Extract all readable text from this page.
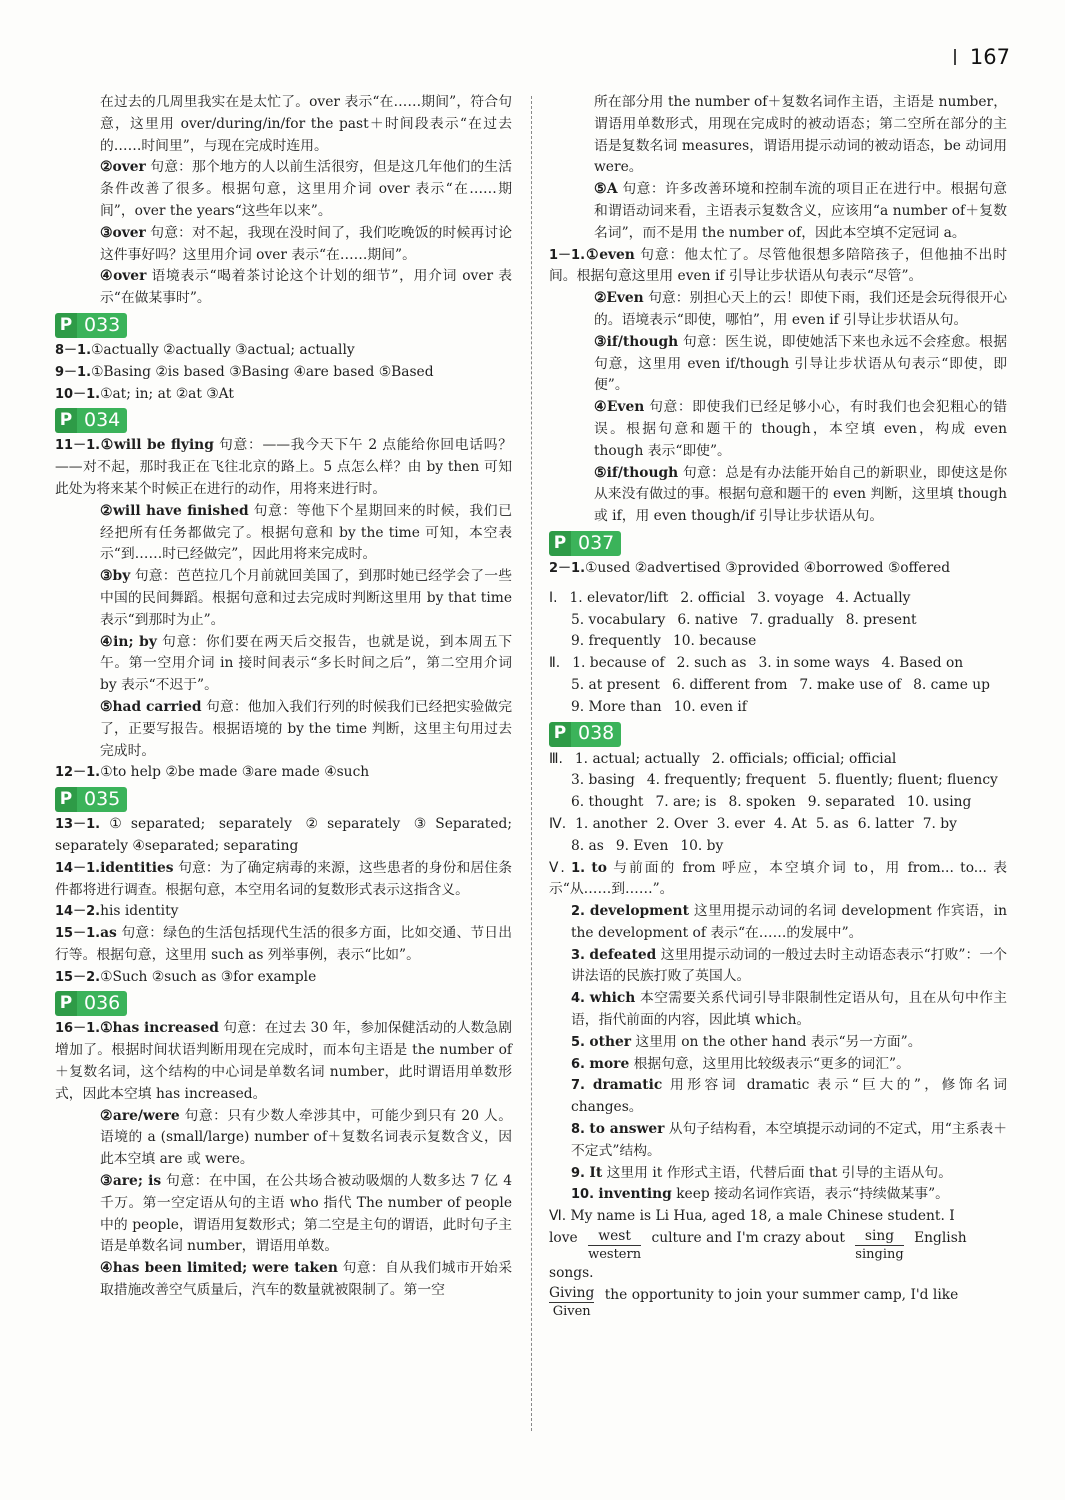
167

在过去的几周里我实在是太忙了。over 表示“在……期间”，符合句意，这里用 over/during/in/for the past＋时间段表示“在过去的……时间里”，与现在完成时连用。

②over 句意：那个地方的人以前生活很穷，但是这几年他们的生活条件改善了很多。根据句意，这里用介词 over 表示“在……期间”，over the years“这些年以来”。

③over 句意：对不起，我现在没时间了，我们吃晚饭的时候再讨论这件事好吗？这里用介词 over 表示“在……期间”。

④over 语境表示“喝着茶讨论这个计划的细节”，用介词 over 表示“在做某事时”。

P 033

8－1.①actually ②actually ③actual; actually

9－1.①Basing ②is based ③Basing ④are based ⑤Based

10－1.①at; in; at ②at ③At

P 034

11－1.①will be flying 句意：——我今天下午 2 点能给你回电话吗？——对不起，那时我正在飞往北京的路上。5 点怎么样？由 by then 可知此处为将来某个时候正在进行的动作，用将来进行时。

②will have finished 句意：等他下个星期回来的时候，我们已经把所有任务都做完了。根据句意和 by the time 可知，本空表示“到……时已经做完”，因此用将来完成时。

③by 句意：芭芭拉几个月前就回美国了，到那时她已经学会了一些中国的民间舞蹈。根据句意和过去完成时判断这里用 by that time 表示“到那时为止”。

④in; by 句意：你们要在两天后交报告，也就是说，到本周五下午。第一空用介词 in 接时间表示“多长时间之后”，第二空用介词 by 表示“不迟于”。

⑤had carried 句意：他加入我们行列的时候我们已经把实验做完了，正要写报告。根据语境的 by the time 判断，这里主句用过去完成时。

12－1.①to help ②be made ③are made ④such

P 035

13－1.①separated; separately ②separately ③Separated; separately ④separated; separating

14－1.identities 句意：为了确定病毒的来源，这些患者的身份和居住条件都将进行调查。根据句意，本空用名词的复数形式表示这指含义。

14－2.his identity

15－1.as 句意：绿色的生活包括现代生活的很多方面，比如交通、节日出行等。根据句意，这里用 such as 列举事例，表示“比如”。

15－2.①Such ②such as ③for example

P 036

16－1.①has increased 句意：在过去 30 年，参加保健活动的人数急剧增加了。根据时间状语判断用现在完成时，而本句主语是 the number of＋复数名词，这个结构的中心词是单数名词 number，此时谓语用单数形式，因此本空填 has increased。

②are/were 句意：只有少数人牵涉其中，可能少到只有 20 人。语境的 a (small/large) number of＋复数名词表示复数含义，因此本空填 are 或 were。

③are; is 句意：在中国，在公共场合被动吸烟的人数多达 7 亿 4 千万。第一空定语从句的主语 who 指代 The number of people 中的 people，谓语用复数形式；第二空是主句的谓语，此时句子主语是单数名词 number，谓语用单数。

④has been limited; were taken 句意：自从我们城市开始采取措施改善空气质量后，汽车的数量就被限制了。第一空

所在部分用 the number of＋复数名词作主语，主语是 number，谓语用单数形式，用现在完成时的被动语态；第二空所在部分的主语是复数名词 measures，谓语用提示动词的被动语态，be 动词用 were。

⑤A 句意：许多改善环境和控制车流的项目正在进行中。根据句意和谓语动词来看，主语表示复数含义，应该用“a number of＋复数名词”，而不是用 the number of，因此本空填不定冠词 a。

1－1.①even 句意：他太忙了。尽管他很想多陪陪孩子，但他抽不出时间。根据句意这里用 even if 引导让步状语从句表示“尽管”。

②Even 句意：别担心天上的云！即使下雨，我们还是会玩得很开心的。语境表示“即使，哪怕”，用 even if 引导让步状语从句。

③if/though 句意：医生说，即使她活下来也永远不会痊愈。根据句意，这里用 even if/though 引导让步状语从句表示“即使，即便”。

④Even 句意：即使我们已经足够小心，有时我们也会犯粗心的错误。根据句意和题干的 though，本空填 even，构成 even though 表示“即使”。

⑤if/though 句意：总是有办法能开始自己的新职业，即使这是你从来没有做过的事。根据句意和题干的 even 判断，这里填 though 或 if，用 even though/if 引导让步状语从句。

P 037

2－1.①used ②advertised ③provided ④borrowed ⑤offered

Ⅰ. 1. elevator/lift 2. official 3. voyage 4. Actually
5. vocabulary 6. native 7. gradually 8. present
9. frequently 10. because
Ⅱ. 1. because of 2. such as 3. in some ways 4. Based on
5. at present 6. different from 7. make use of 8. came up
9. More than 10. even if
P 038
Ⅲ. 1. actual; actually 2. officials; official; official
3. basing 4. frequently; frequent 5. fluently; fluent; fluency
6. thought 7. are; is 8. spoken 9. separated 10. using
Ⅳ. 1. another 2. Over 3. ever 4. At 5. as 6. latter 7. by
8. as 9. Even 10. by

Ⅴ. 1. to 与前面的 from 呼应，本空填介词 to，用 from... to... 表示“从……到……”。

2. development 这里用提示动词的名词 development 作宾语，in the development of 表示“在……的发展中”。

3. defeated 这里用提示动词的一般过去时主动语态表示“打败”：一个讲法语的民族打败了英国人。

4. which 本空需要关系代词引导非限制性定语从句，且在从句中作主语，指代前面的内容，因此填 which。

5. other 这里用 on the other hand 表示“另一方面”。

6. more 根据句意，这里用比较级表示“更多的词汇”。

7. dramatic 用形容词 dramatic 表示“巨大的”，修饰名词 changes。

8. to answer 从句子结构看，本空填提示动词的不定式，用“主系表＋不定式”结构。

9. It 这里用 it 作形式主语，代替后面 that 引导的主语从句。

10. inventing keep 接动名词作宾语，表示“持续做某事”。

Ⅵ. My name is Li Hua, aged 18, a male Chinese student. I

love	west
western
culture and I'm crazy about	sing
singing
English

songs.

Giving
Given
the opportunity to join your summer camp, I'd like
